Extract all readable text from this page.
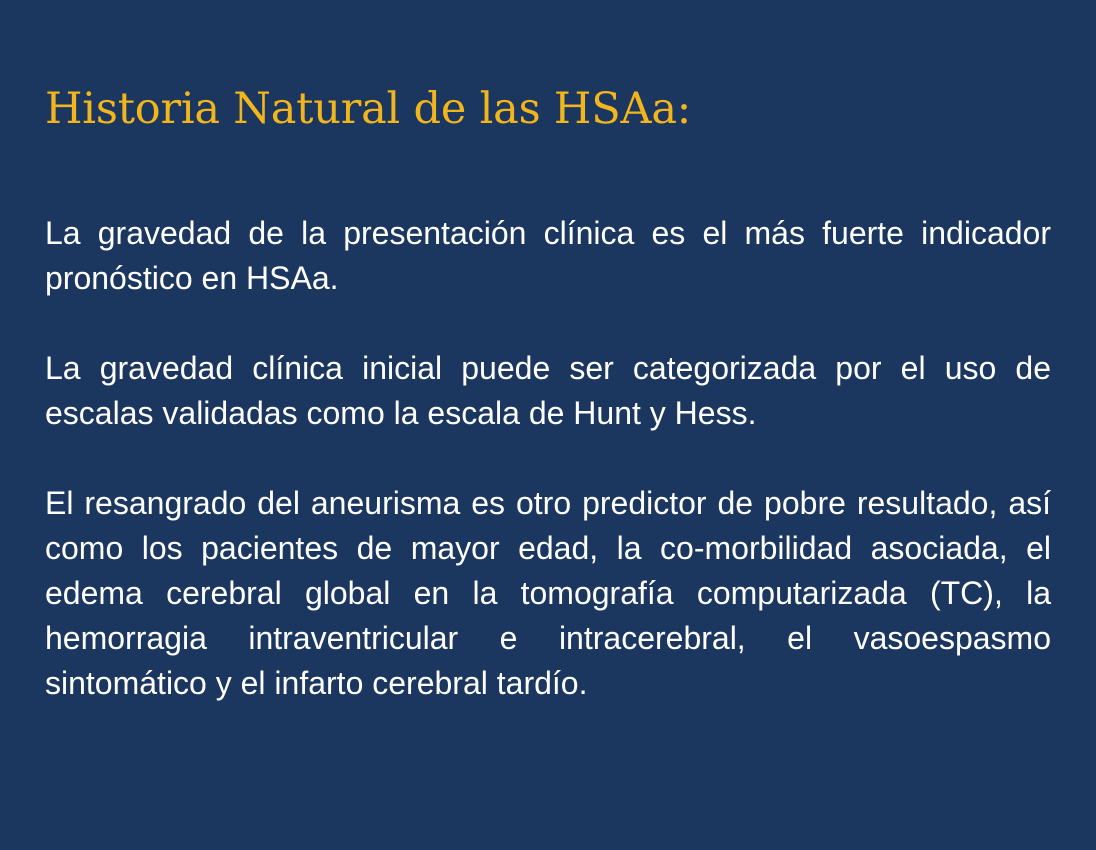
Historia Natural de las HSAa:

La gravedad de la presentación clínica es el más fuerte indicador pronóstico en HSAa.

La gravedad clínica inicial puede ser categorizada por el uso de escalas validadas como la escala de Hunt y Hess.

El resangrado del aneurisma es otro predictor de pobre resultado, así como los pacientes de mayor edad, la co-morbilidad asociada, el edema cerebral global en la tomografía computarizada (TC), la hemorragia intraventricular e intracerebral, el vasoespasmo sintomático y el infarto cerebral tardío.
